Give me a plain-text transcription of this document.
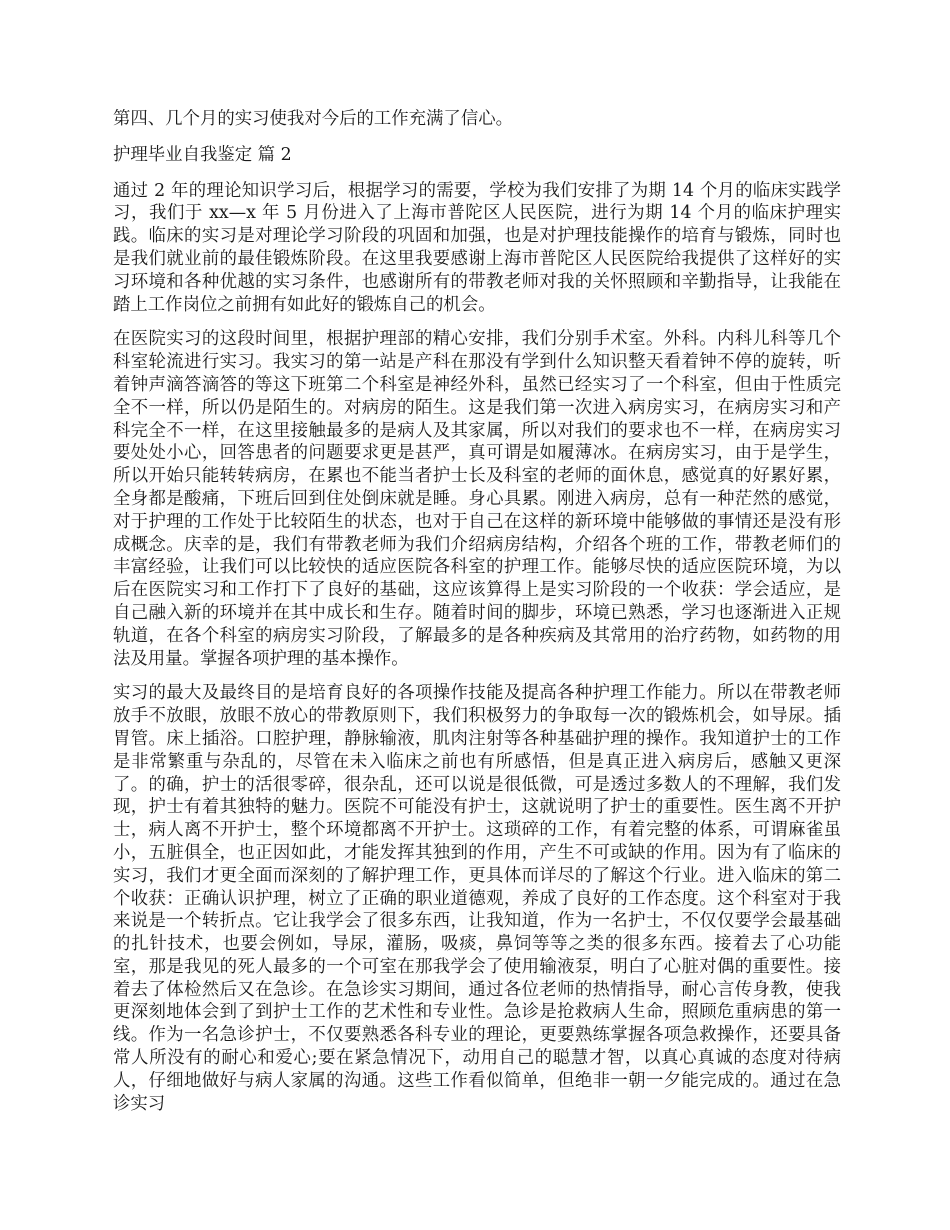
第四、几个月的实习使我对今后的工作充满了信心。

护理毕业自我鉴定 篇 2

通过 2 年的理论知识学习后，根据学习的需要，学校为我们安排了为期 14 个月的临床实践学习，我们于 xx—x 年 5 月份进入了上海市普陀区人民医院，进行为期 14 个月的临床护理实践。临床的实习是对理论学习阶段的巩固和加强，也是对护理技能操作的培育与锻炼，同时也是我们就业前的最佳锻炼阶段。在这里我要感谢上海市普陀区人民医院给我提供了这样好的实习环境和各种优越的实习条件，也感谢所有的带教老师对我的关怀照顾和辛勤指导，让我能在踏上工作岗位之前拥有如此好的锻炼自己的机会。

在医院实习的这段时间里，根据护理部的精心安排，我们分别手术室。外科。内科儿科等几个科室轮流进行实习。我实习的第一站是产科在那没有学到什么知识整天看着钟不停的旋转，听着钟声滴答滴答的等这下班第二个科室是神经外科，虽然已经实习了一个科室，但由于性质完全不一样，所以仍是陌生的。对病房的陌生。这是我们第一次进入病房实习，在病房实习和产科完全不一样，在这里接触最多的是病人及其家属，所以对我们的要求也不一样，在病房实习要处处小心，回答患者的问题要求更是甚严，真可谓是如履薄冰。在病房实习，由于是学生，所以开始只能转转病房，在累也不能当者护士长及科室的老师的面休息，感觉真的好累好累，全身都是酸痛，下班后回到住处倒床就是睡。身心具累。刚进入病房，总有一种茫然的感觉，对于护理的工作处于比较陌生的状态，也对于自己在这样的新环境中能够做的事情还是没有形成概念。庆幸的是，我们有带教老师为我们介绍病房结构，介绍各个班的工作，带教老师们的丰富经验，让我们可以比较快的适应医院各科室的护理工作。能够尽快的适应医院环境，为以后在医院实习和工作打下了良好的基础，这应该算得上是实习阶段的一个收获：学会适应，是自己融入新的环境并在其中成长和生存。随着时间的脚步，环境已熟悉，学习也逐渐进入正规轨道，在各个科室的病房实习阶段，了解最多的是各种疾病及其常用的治疗药物，如药物的用法及用量。掌握各项护理的基本操作。

实习的最大及最终目的是培育良好的各项操作技能及提高各种护理工作能力。所以在带教老师放手不放眼，放眼不放心的带教原则下，我们积极努力的争取每一次的锻炼机会，如导尿。插胃管。床上插浴。口腔护理，静脉输液，肌肉注射等各种基础护理的操作。我知道护士的工作是非常繁重与杂乱的，尽管在未入临床之前也有所感悟，但是真正进入病房后，感触又更深了。的确，护士的活很零碎，很杂乱，还可以说是很低微，可是透过多数人的不理解，我们发现，护士有着其独特的魅力。医院不可能没有护士，这就说明了护士的重要性。医生离不开护士，病人离不开护士，整个环境都离不开护士。这琐碎的工作，有着完整的体系，可谓麻雀虽小，五脏俱全，也正因如此，才能发挥其独到的作用，产生不可或缺的作用。因为有了临床的实习，我们才更全面而深刻的了解护理工作，更具体而详尽的了解这个行业。进入临床的第二个收获：正确认识护理，树立了正确的职业道德观，养成了良好的工作态度。这个科室对于我来说是一个转折点。它让我学会了很多东西，让我知道，作为一名护士，不仅仅要学会最基础的扎针技术，也要会例如，导尿，灌肠，吸痰，鼻饲等等之类的很多东西。接着去了心功能室，那是我见的死人最多的一个可室在那我学会了使用输液泵，明白了心脏对偶的重要性。接着去了体检然后又在急诊。在急诊实习期间，通过各位老师的热情指导，耐心言传身教，使我更深刻地体会到了到护士工作的艺术性和专业性。急诊是抢救病人生命，照顾危重病患的第一线。作为一名急诊护士，不仅要熟悉各科专业的理论，更要熟练掌握各项急救操作，还要具备常人所没有的耐心和爱心;要在紧急情况下，动用自己的聪慧才智，以真心真诚的态度对待病人，仔细地做好与病人家属的沟通。这些工作看似简单，但绝非一朝一夕能完成的。通过在急诊实习
